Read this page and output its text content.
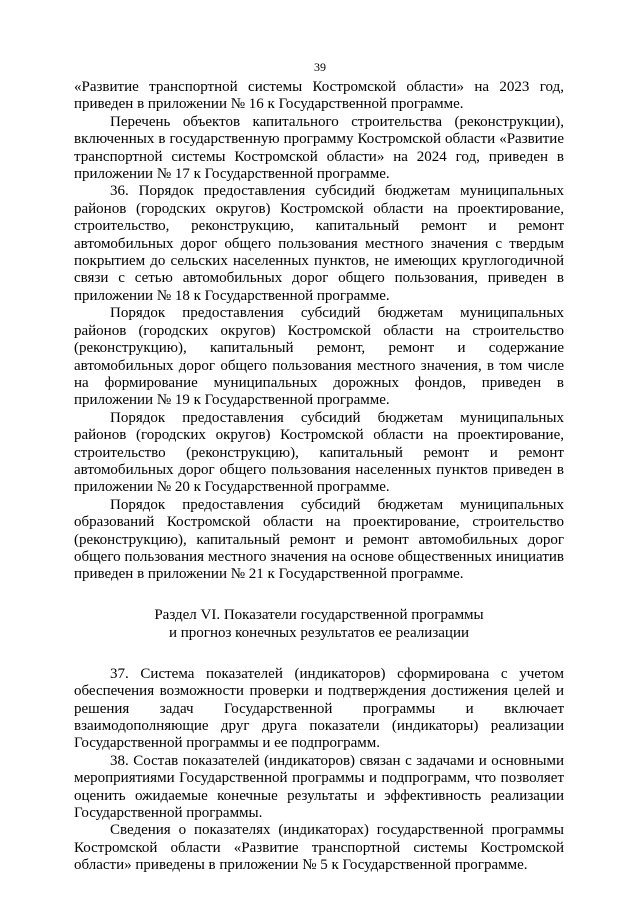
39

«Развитие транспортной системы Костромской области» на 2023 год, приведен в приложении № 16 к Государственной программе.

Перечень объектов капитального строительства (реконструкции), включенных в государственную программу Костромской области «Развитие транспортной системы Костромской области» на 2024 год, приведен в приложении № 17 к Государственной программе.

36. Порядок предоставления субсидий бюджетам муниципальных районов (городских округов) Костромской области на проектирование, строительство, реконструкцию, капитальный ремонт и ремонт автомобильных дорог общего пользования местного значения с твердым покрытием до сельских населенных пунктов, не имеющих круглогодичной связи с сетью автомобильных дорог общего пользования, приведен в приложении № 18 к Государственной программе.

Порядок предоставления субсидий бюджетам муниципальных районов (городских округов) Костромской области на строительство (реконструкцию), капитальный ремонт, ремонт и содержание автомобильных дорог общего пользования местного значения, в том числе на формирование муниципальных дорожных фондов, приведен в приложении № 19 к Государственной программе.

Порядок предоставления субсидий бюджетам муниципальных районов (городских округов) Костромской области на проектирование, строительство (реконструкцию), капитальный ремонт и ремонт автомобильных дорог общего пользования населенных пунктов приведен в приложении № 20 к Государственной программе.

Порядок предоставления субсидий бюджетам муниципальных образований Костромской области на проектирование, строительство (реконструкцию), капитальный ремонт и ремонт автомобильных дорог общего пользования местного значения на основе общественных инициатив приведен в приложении № 21 к Государственной программе.

Раздел VI. Показатели государственной программы
и прогноз конечных результатов ее реализации

37. Система показателей (индикаторов) сформирована с учетом обеспечения возможности проверки и подтверждения достижения целей и решения задач Государственной программы и включает взаимодополняющие друг друга показатели (индикаторы) реализации Государственной программы и ее подпрограмм.

38. Состав показателей (индикаторов) связан с задачами и основными мероприятиями Государственной программы и подпрограмм, что позволяет оценить ожидаемые конечные результаты и эффективность реализации Государственной программы.

Сведения о показателях (индикаторах) государственной программы Костромской области «Развитие транспортной системы Костромской области» приведены в приложении № 5 к Государственной программе.
